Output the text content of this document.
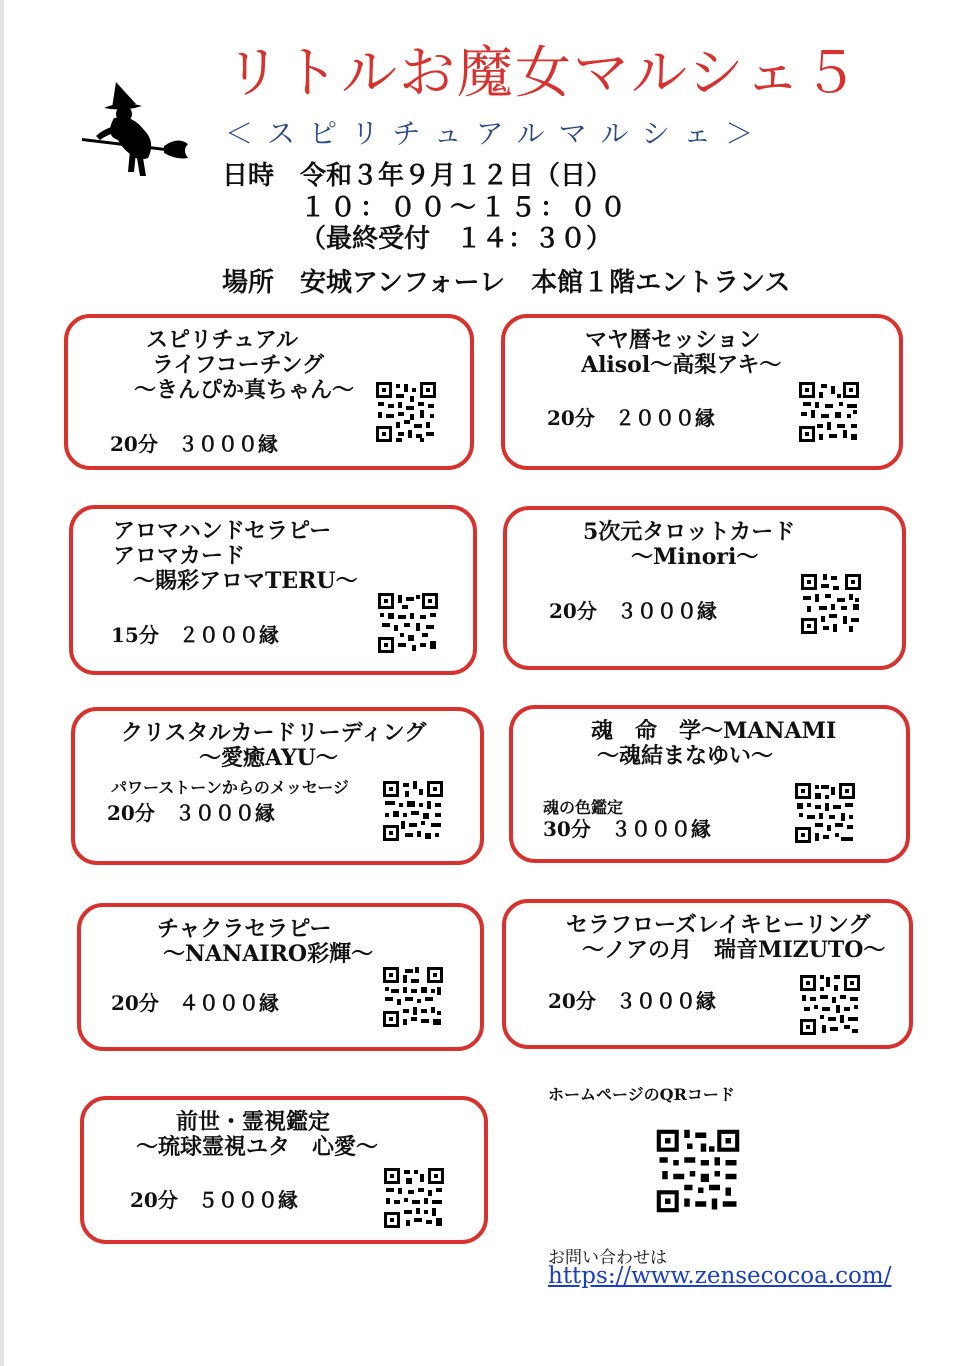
リトルお魔女マルシェ５
＜スピリチュアルマルシェ＞
日時 令和３年９月１２日（日）
１０：００〜１５：００
（最終受付　１４：３０）
場所 安城アンフォーレ　本館１階エントランス
スピリチュアル
ライフコーチング
〜きんぴか真ちゃん〜
20分　３０００縁
マヤ暦セッション
Alisol〜高梨アキ〜
20分　２０００縁
アロマハンドセラピー
アロマカード
〜賜彩アロマTERU〜
15分　２０００縁
5次元タロットカード
〜Minori〜
20分　３０００縁
クリスタルカードリーディング
〜愛癒AYU〜
パワーストーンからのメッセージ
20分　３０００縁
魂　命　学〜MANAMI
〜魂結まなゆい〜
魂の色鑑定
30分　３０００縁
チャクラセラピー
〜NANAIRO彩輝〜
20分　４０００縁
セラフローズレイキヒーリング
〜ノアの月　瑞音MIZUTO〜
20分　３０００縁
前世・霊視鑑定
〜琉球霊視ユタ　心愛〜
20分　５０００縁
ホームページのQRコード
お問い合わせは
https://www.zensecocoa.com/
